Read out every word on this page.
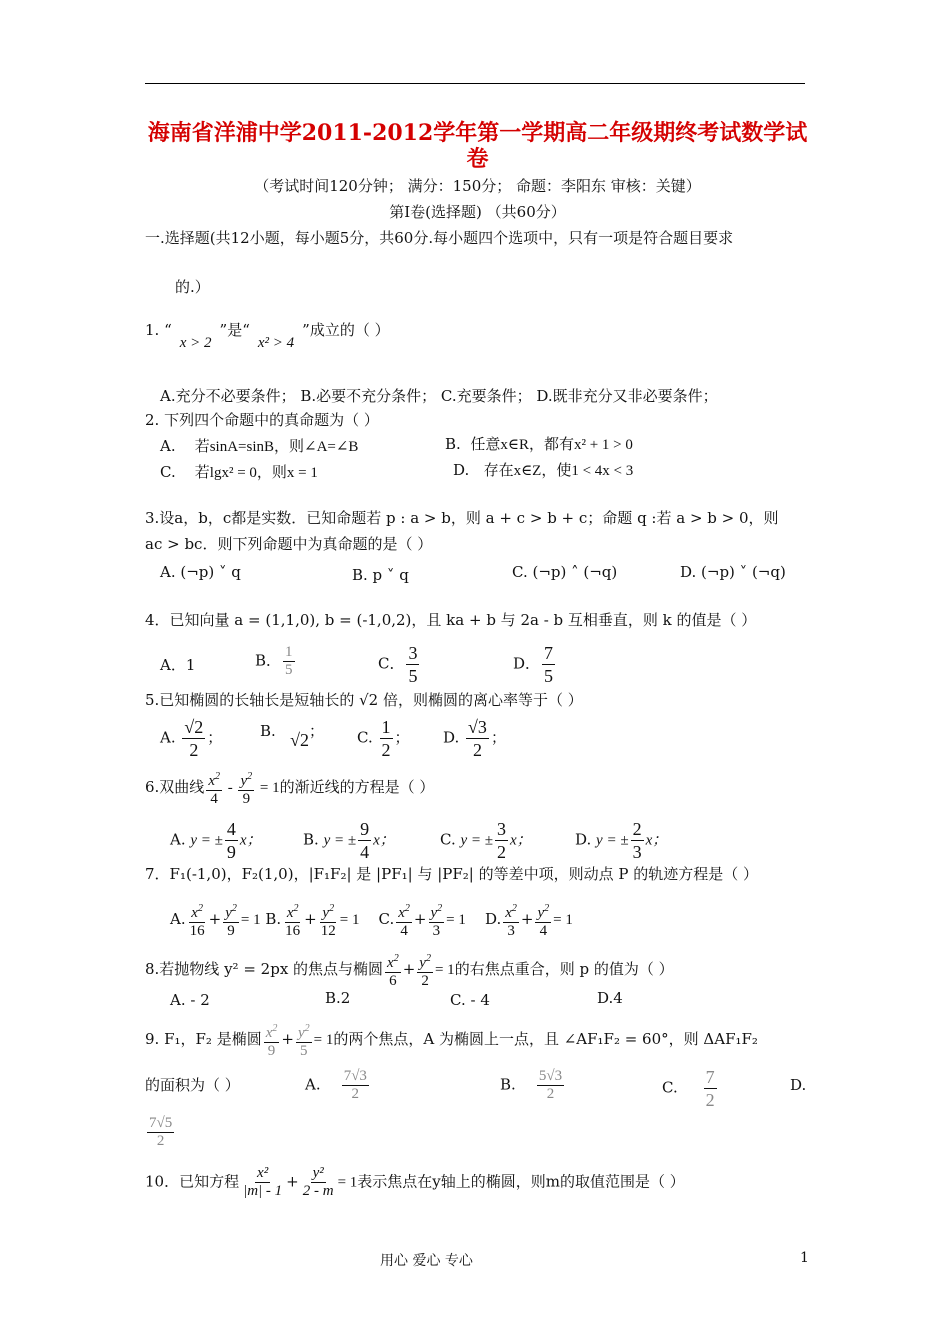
海南省洋浦中学2011-2012学年第一学期高二年级期终考试数学试
卷
（考试时间120分钟； 满分：150分； 命题：李阳东 审核：关键）
第Ⅰ卷(选择题) （共60分）
一.选择题(共12小题，每小题5分，共60分.每小题四个选项中，只有一项是符合题目要求
的.）
1. “x > 2”是“x² > 4”成立的（ ）
A.充分不必要条件； B.必要不充分条件； C.充要条件； D.既非充分又非必要条件；
2. 下列四个命题中的真命题为（ ）
A. 若sinA=sinB，则∠A=∠B	B. 任意x∈R，都有x² + 1 > 0
C. 若lgx² = 0，则x = 1	D. 存在x∈Z，使1 < 4x < 3
3.设a，b，c都是实数．已知命题若 p : a > b，则 a + c > b + c；命题 q :若 a > b > 0，则
ac > bc．则下列命题中为真命题的是（ ）
A. (¬p) ˅ q	B. p ˅ q	C. (¬p) ˄ (¬q)	D. (¬p) ˅ (¬q)
4．已知向量 a = (1,1,0), b = (-1,0,2)，且 ka + b 与 2a - b 互相垂直，则 k 的值是（ ）
A．1	B． $\frac{1}{5}$	C． $\frac{3}{5}$	D． $\frac{7}{5}$
5.已知椭圆的长轴长是短轴长的 √2 倍，则椭圆的离心率等于（ ）
A. $\frac{√2}{2}$ ；	B. √2； C. $\frac{1}{2}$ ； D. $\frac{√3}{2}$ ；
6.双曲线 $\frac{x^2}{4} - \frac{y^2}{9} = 1$的渐近线的方程是（ ）
A. y = ± $\frac{4}{9}$ x；	B. y = ± $\frac{9}{4}$ x；	C. y = ± $\frac{3}{2}$ x；	D. y = ± $\frac{2}{3}$ x；
7．F₁(-1,0)，F₂(1,0)，|F₁F₂| 是 |PF₁| 与 |PF₂| 的等差中项，则动点 P 的轨迹方程是（ ）
A. $\frac{x^2}{16} + \frac{y^2}{9} = 1$ B. $\frac{x^2}{16} + \frac{y^2}{12} = 1$ C. $\frac{x^2}{4} + \frac{y^2}{3} = 1$ D. $\frac{x^2}{3} + \frac{y^2}{4} = 1$
8.若抛物线 y² = 2px 的焦点与椭圆 $\frac{x^2}{6} + \frac{y^2}{2} = 1$的右焦点重合，则 p 的值为（ ）
A. - 2	B.2	C. - 4	D.4
9. F₁，F₂ 是椭圆 $\frac{x^2}{9} + \frac{y^2}{5} = 1$的两个焦点，A 为椭圆上一点，且 ∠AF₁F₂ = 60°，则 ΔAF₁F₂
的面积为（ ）	A. $\frac{7√3}{2}$	B. $\frac{5√3}{2}$	C. $\frac{7}{2}$	D.
$\frac{7√5}{2}$
10．已知方程 $\frac{\text{x²}}{|m| - 1} + \frac{\text{y²}}{2 - m} = 1$表示焦点在y轴上的椭圆，则m的取值范围是（ ）
用心 爱心 专心	1
